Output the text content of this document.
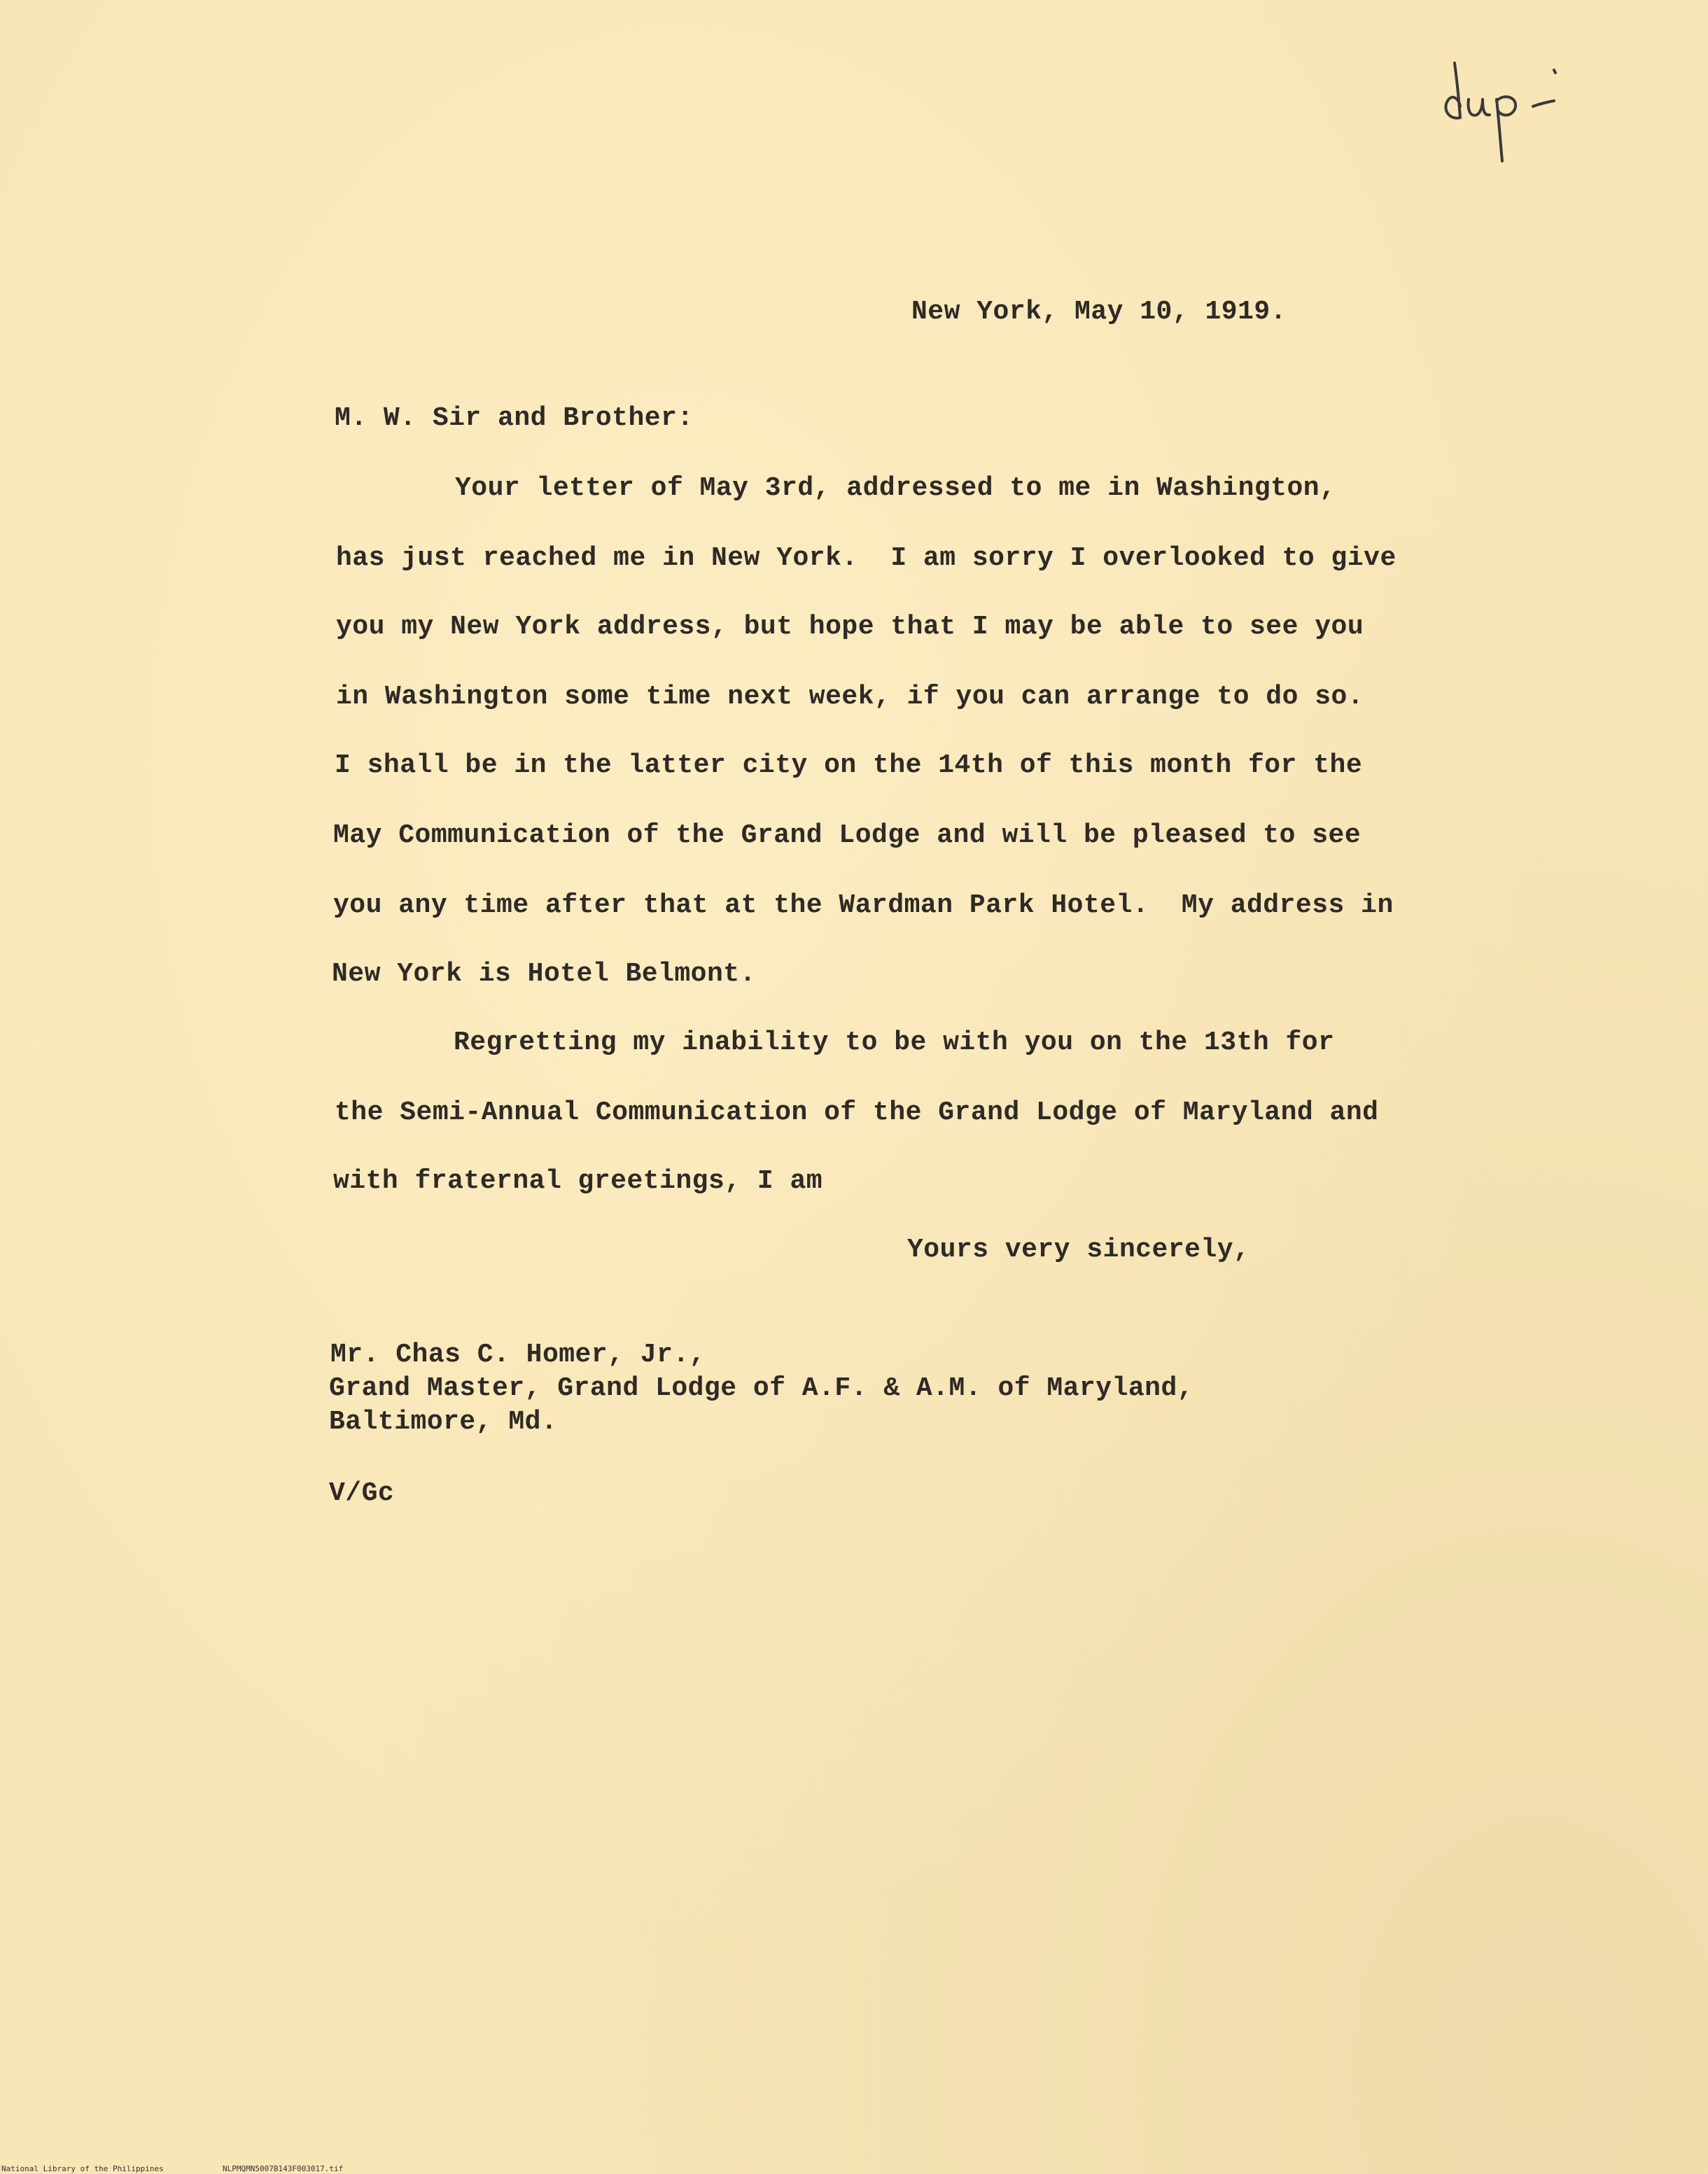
New York, May 10, 1919.
M. W. Sir and Brother:
Your letter of May 3rd, addressed to me in Washington,
has just reached me in New York.  I am sorry I overlooked to give
you my New York address, but hope that I may be able to see you
in Washington some time next week, if you can arrange to do so.
I shall be in the latter city on the 14th of this month for the
May Communication of the Grand Lodge and will be pleased to see
you any time after that at the Wardman Park Hotel.  My address in
New York is Hotel Belmont.
Regretting my inability to be with you on the 13th for
the Semi-Annual Communication of the Grand Lodge of Maryland and
with fraternal greetings, I am
Yours very sincerely,
Mr. Chas C. Homer, Jr.,
Grand Master, Grand Lodge of A.F. & A.M. of Maryland,
Baltimore, Md.
V/Gc
National Library of the Philippines	NLPMQMN5007B143F003017.tif
